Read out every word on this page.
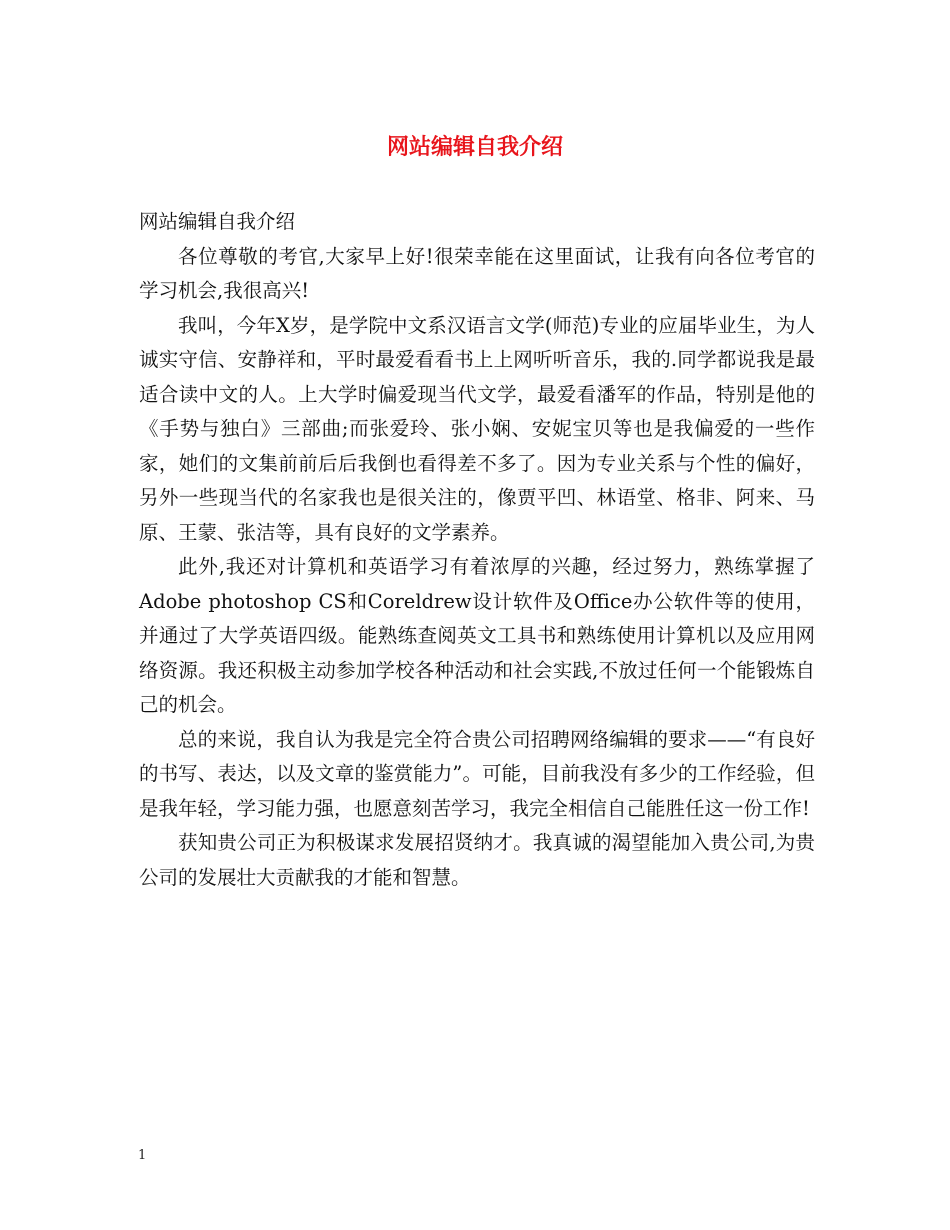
网站编辑自我介绍

网站编辑自我介绍

各位尊敬的考官,大家早上好!很荣幸能在这里面试，让我有向各位考官的学习机会,我很高兴!

我叫，今年X岁，是学院中文系汉语言文学(师范)专业的应届毕业生，为人诚实守信、安静祥和，平时最爱看看书上上网听听音乐，我的.同学都说我是最适合读中文的人。上大学时偏爱现当代文学，最爱看潘军的作品，特别是他的《手势与独白》三部曲;而张爱玲、张小娴、安妮宝贝等也是我偏爱的一些作家，她们的文集前前后后我倒也看得差不多了。因为专业关系与个性的偏好，另外一些现当代的名家我也是很关注的，像贾平凹、林语堂、格非、阿来、马原、王蒙、张洁等，具有良好的文学素养。

此外,我还对计算机和英语学习有着浓厚的兴趣，经过努力，熟练掌握了Adobe photoshop CS和Coreldrew设计软件及Office办公软件等的使用，并通过了大学英语四级。能熟练查阅英文工具书和熟练使用计算机以及应用网络资源。我还积极主动参加学校各种活动和社会实践,不放过任何一个能锻炼自己的机会。

总的来说，我自认为我是完全符合贵公司招聘网络编辑的要求——“有良好的书写、表达，以及文章的鉴赏能力”。可能，目前我没有多少的工作经验，但是我年轻，学习能力强，也愿意刻苦学习，我完全相信自己能胜任这一份工作!

获知贵公司正为积极谋求发展招贤纳才。我真诚的渴望能加入贵公司,为贵公司的发展壮大贡献我的才能和智慧。

1
